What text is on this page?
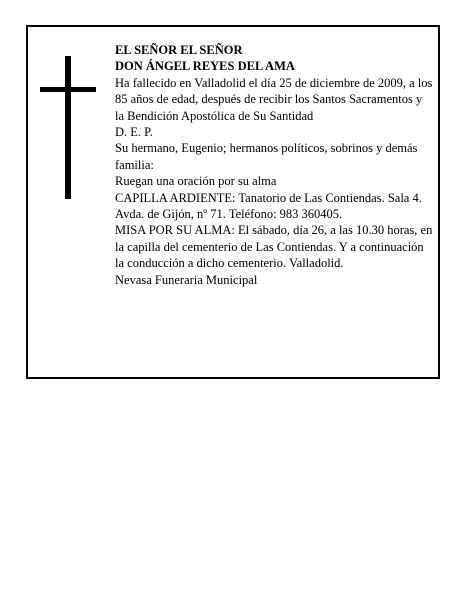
EL SEÑOR EL SEÑOR

DON ÁNGEL REYES DEL AMA

Ha fallecido en Valladolid el día 25 de diciembre de 2009, a los 85 años de edad, después de recibir los Santos Sacramentos y la Bendición Apostólica de Su Santidad

D. E. P.

Su hermano, Eugenio; hermanos políticos, sobrinos y demás familia:

Ruegan una oración por su alma

CAPILLA ARDIENTE: Tanatorio de Las Contiendas. Sala 4. Avda. de Gijón, nº 71. Teléfono: 983 360405.

MISA POR SU ALMA: El sábado, día 26, a las 10.30 horas, en la capilla del cementerio de Las Contiendas. Y a continuación la conducción a dicho cementerio. Valladolid.

Nevasa Funeraria Municipal
